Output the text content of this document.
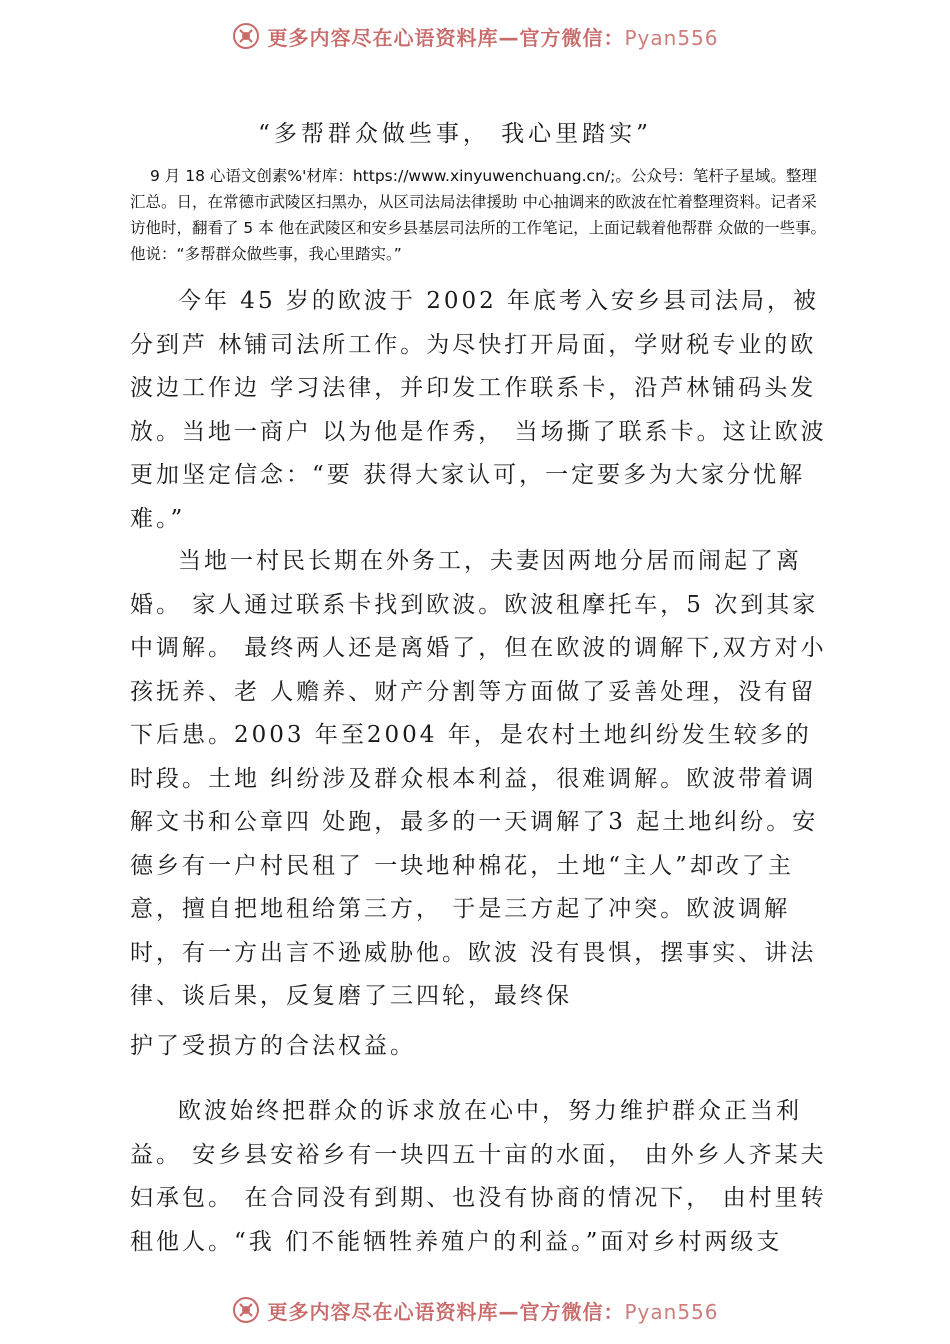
更多内容尽在心语资料库—官方微信：Pyan556
“多帮群众做些事， 我心里踏实”

9 月 18 心语文创素%'材库：https://www.xinyuwenchuang.cn/;。公众号：笔杆子星域。整理汇总。日，在常德市武陵区扫黑办，从区司法局法律援助 中心抽调来的欧波在忙着整理资料。记者采访他时，翻看了 5 本 他在武陵区和安乡县基层司法所的工作笔记，上面记载着他帮群 众做的一些事。他说：“多帮群众做些事，我心里踏实。”

今年 45 岁的欧波于 2002 年底考入安乡县司法局，被分到芦 林铺司法所工作。为尽快打开局面，学财税专业的欧波边工作边 学习法律，并印发工作联系卡，沿芦林铺码头发放。当地一商户 以为他是作秀， 当场撕了联系卡。这让欧波更加坚定信念：“要 获得大家认可，一定要多为大家分忧解难。”

当地一村民长期在外务工，夫妻因两地分居而闹起了离婚。 家人通过联系卡找到欧波。欧波租摩托车，5 次到其家中调解。 最终两人还是离婚了，但在欧波的调解下,双方对小孩抚养、老 人赡养、财产分割等方面做了妥善处理，没有留下后患。2003 年至2004 年，是农村土地纠纷发生较多的时段。土地 纠纷涉及群众根本利益，很难调解。欧波带着调解文书和公章四 处跑，最多的一天调解了3 起土地纠纷。安德乡有一户村民租了 一块地种棉花，土地“主人”却改了主意，擅自把地租给第三方， 于是三方起了冲突。欧波调解时，有一方出言不逊威胁他。欧波 没有畏惧，摆事实、讲法律、谈后果，反复磨了三四轮，最终保

护了受损方的合法权益。

欧波始终把群众的诉求放在心中，努力维护群众正当利益。 安乡县安裕乡有一块四五十亩的水面， 由外乡人齐某夫妇承包。 在合同没有到期、也没有协商的情况下， 由村里转租他人。“我 们不能牺牲养殖户的利益。”面对乡村两级支

更多内容尽在心语资料库—官方微信：Pyan556
